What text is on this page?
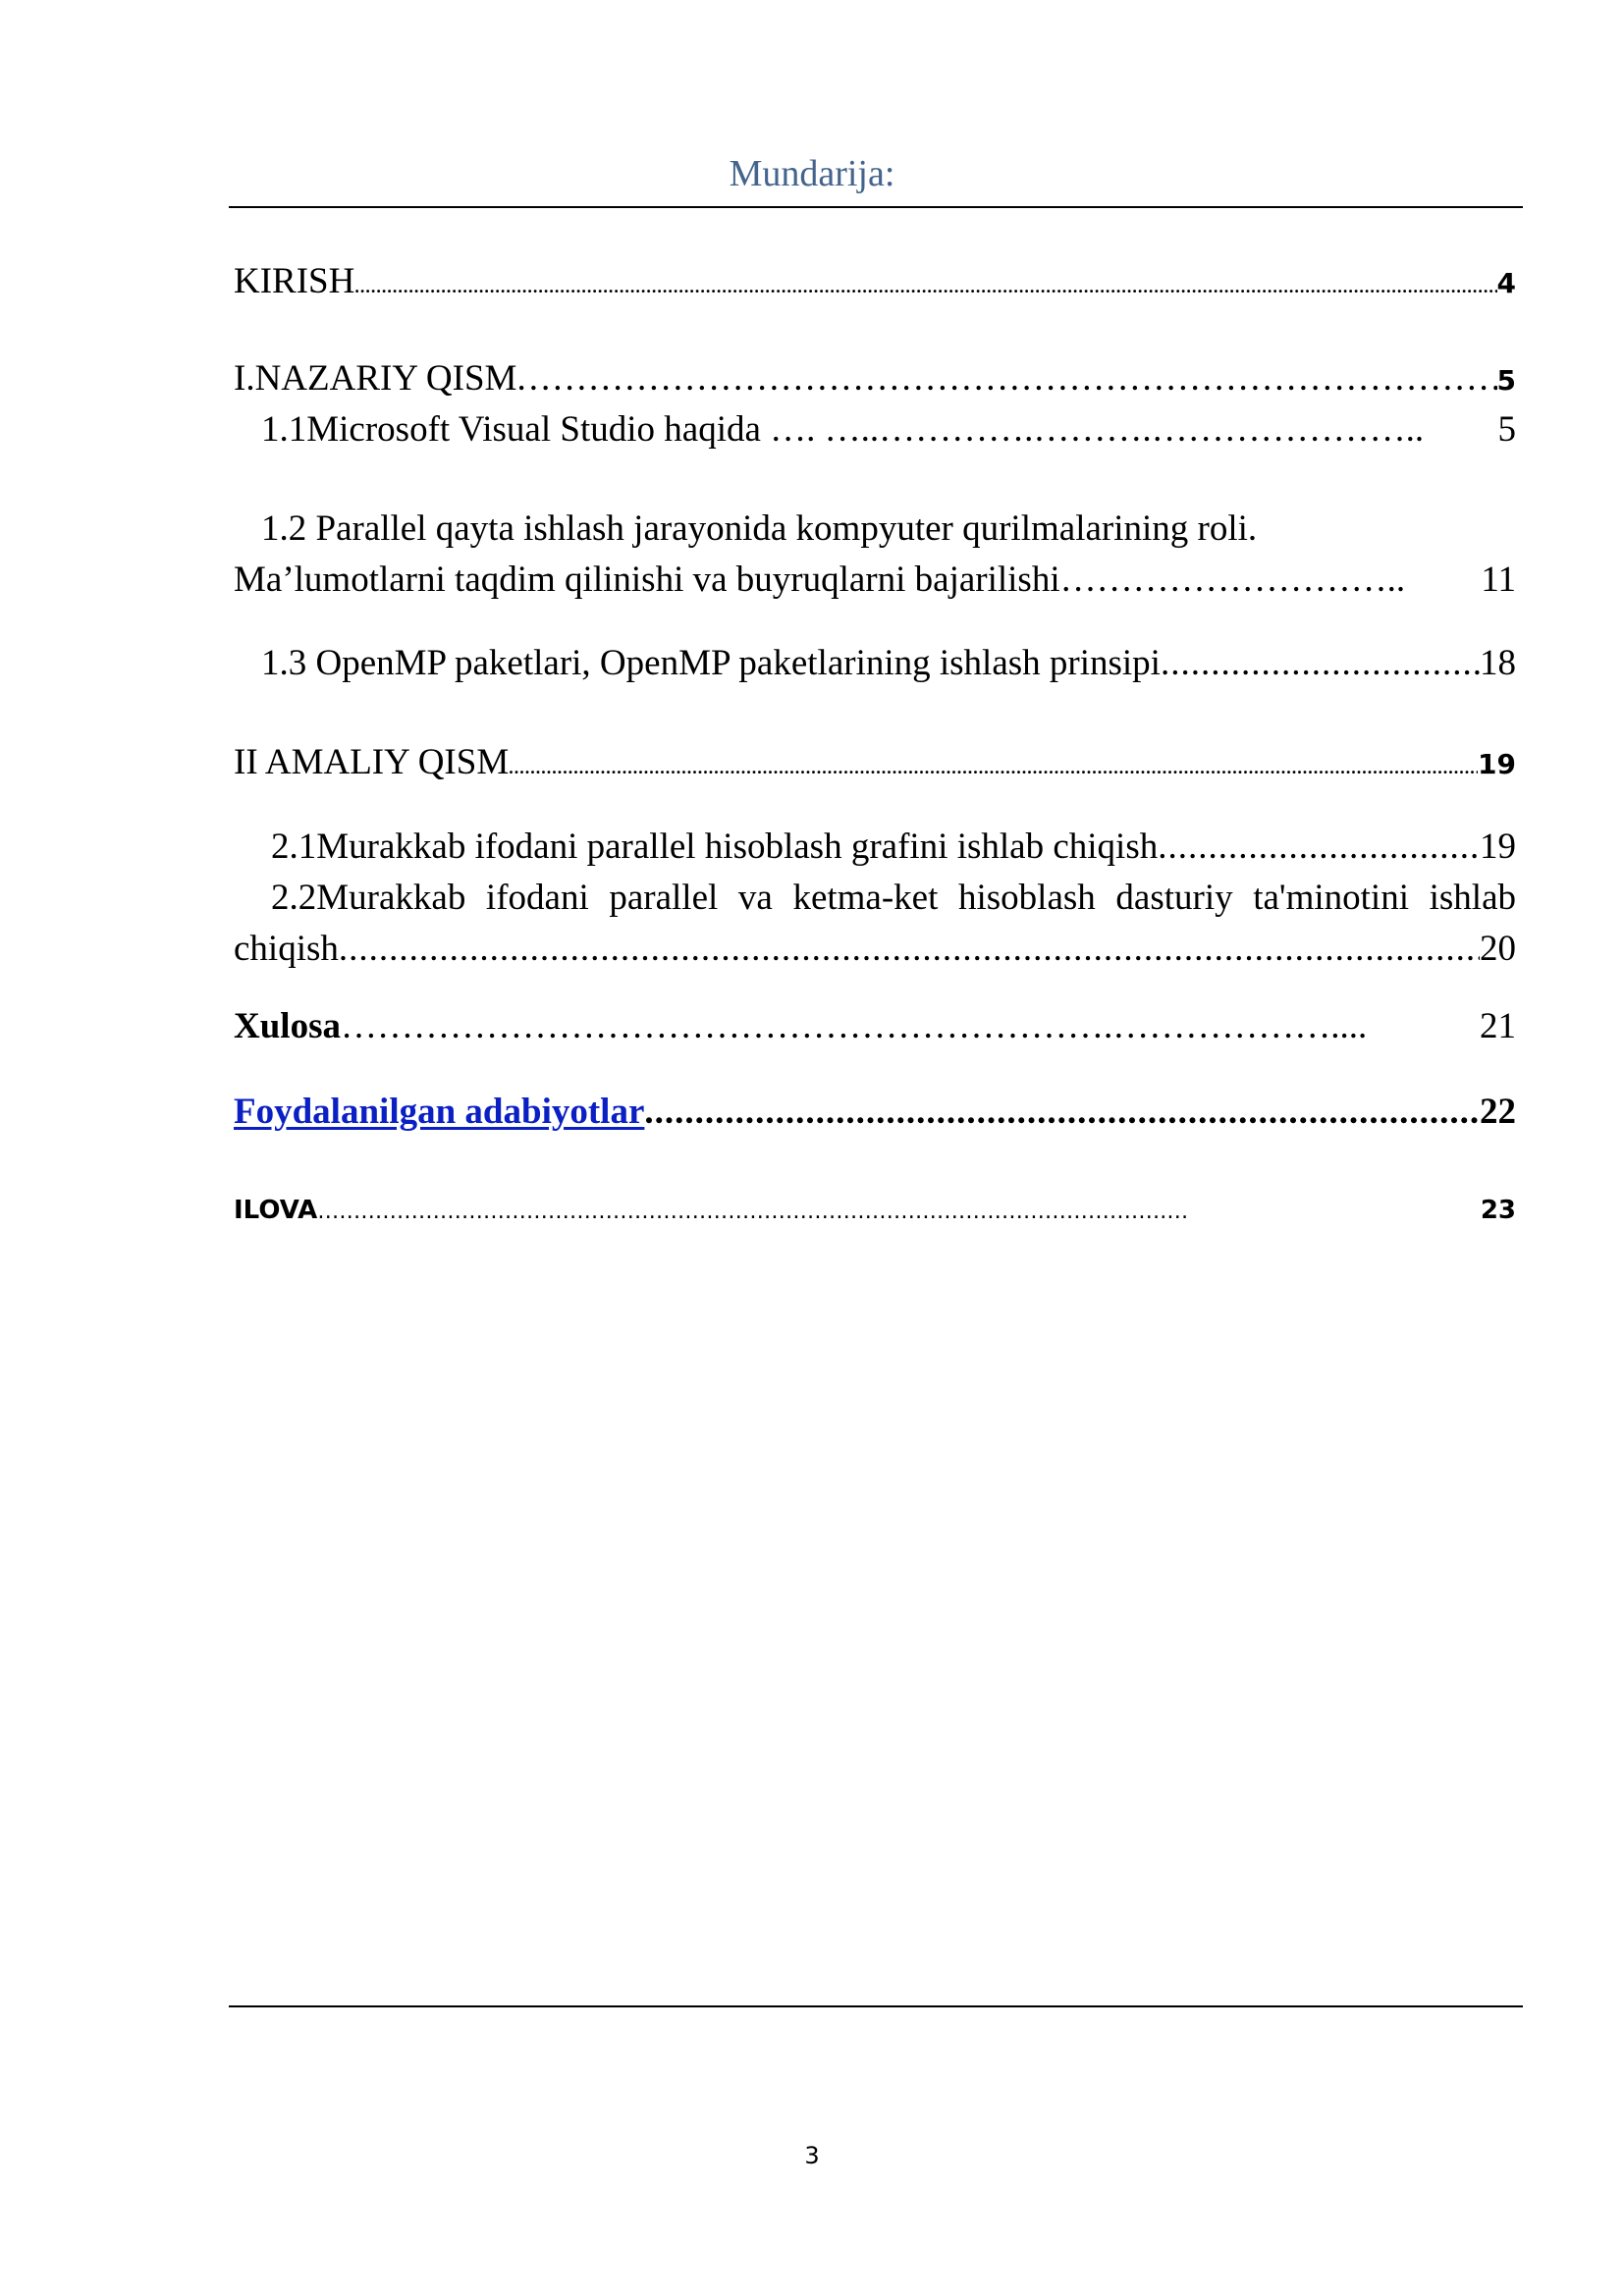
Mundarija:
KIRISH .....	4
I.NAZARIY QISM .....	5
1.1Microsoft Visual Studio haqida …. …..………….……….………………….. 5
1.2 Parallel qayta ishlash jarayonida kompyuter qurilmalarining roli.
Ma’lumotlarni taqdim qilinishi va buyruqlarni bajarilishi ……………………….. 11
1.3 OpenMP paketlari, OpenMP paketlarining ishlash prinsipi .....	18
II AMALIY QISM .....	19
2.1Murakkab ifodani parallel hisoblash grafini ishlab chiqish .....	19
2.2Murakkab ifodani parallel va ketma-ket hisoblash dasturiy ta'minotini ishlab
chiqish .....	20
Xulosa ……………………………………………………….………………....	21
Foydalanilgan adabiyotlar .....	22
ILOVA ……………………………………………………………………………………………………….…	23
3
